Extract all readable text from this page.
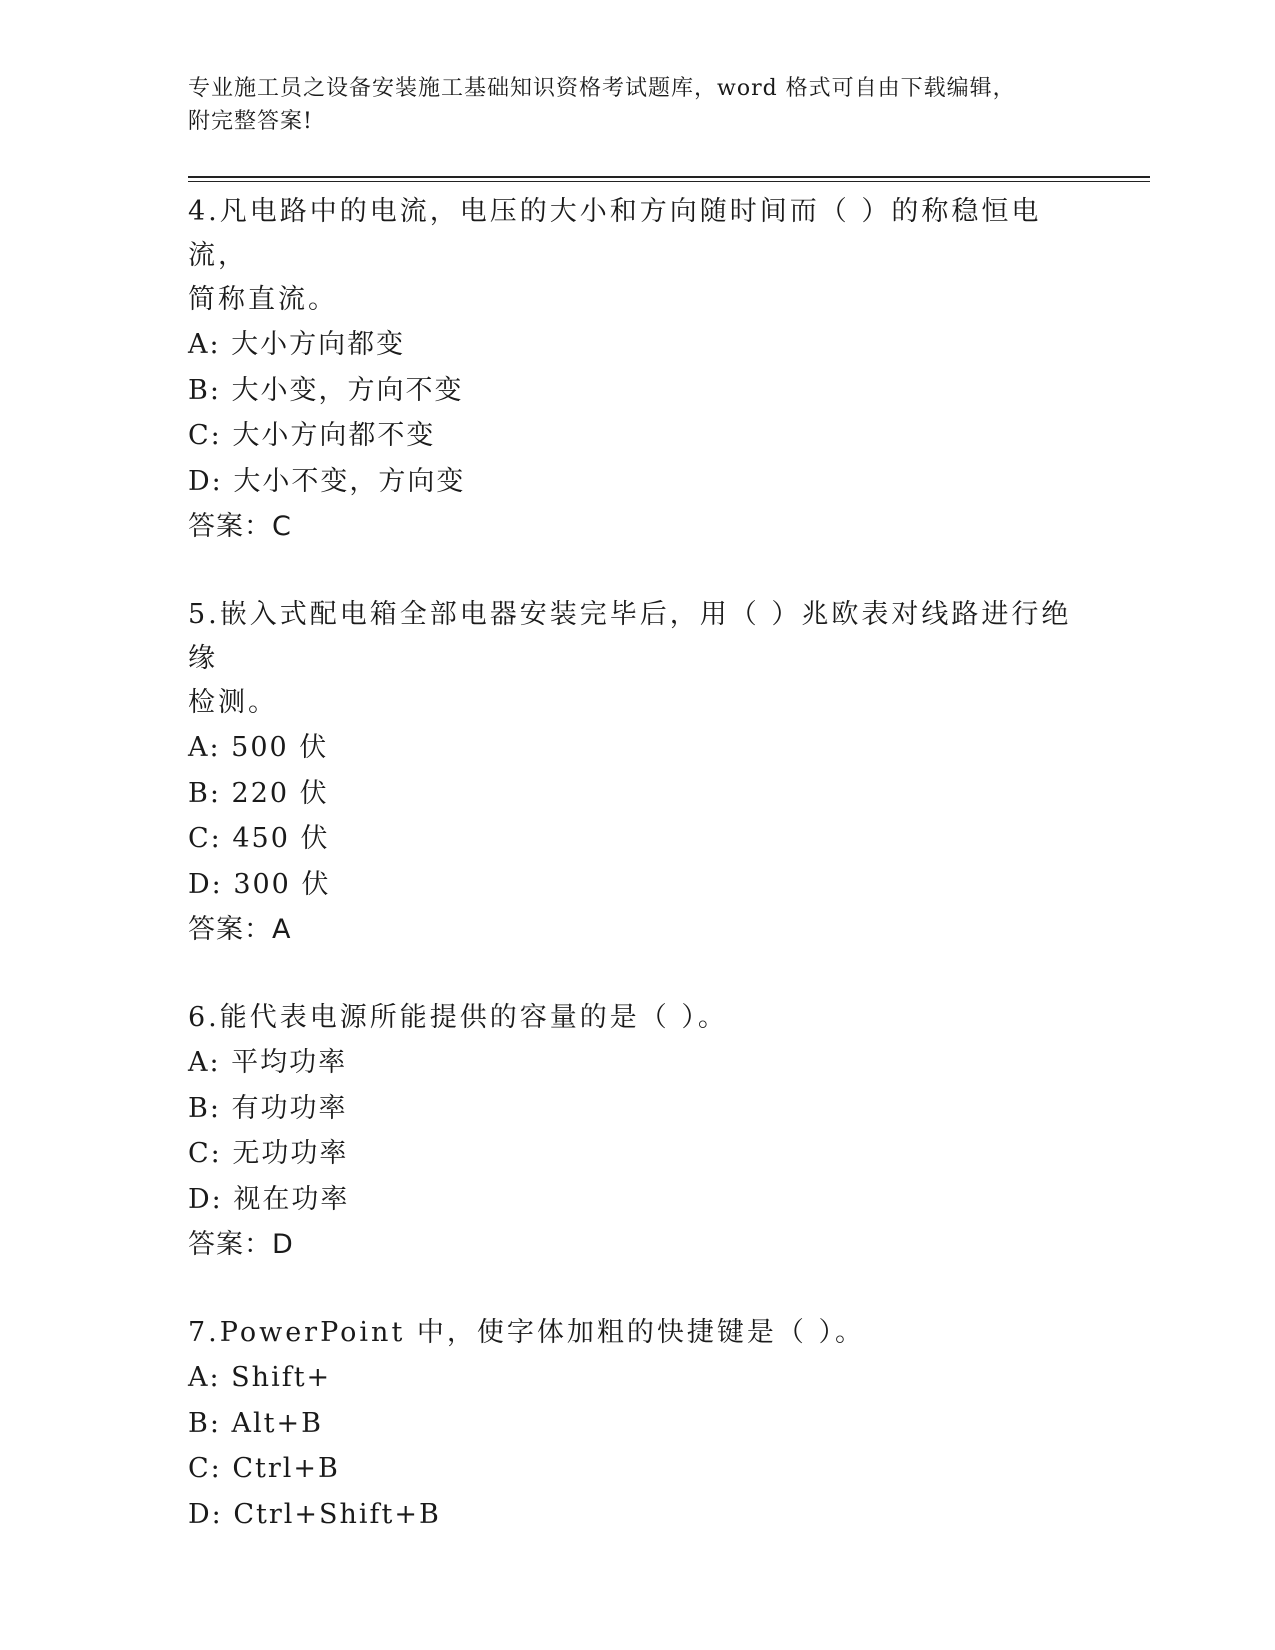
专业施工员之设备安装施工基础知识资格考试题库，word 格式可自由下载编辑，
附完整答案!
4.凡电路中的电流，电压的大小和方向随时间而（ ）的称稳恒电流，
简称直流。
A: 大小方向都变
B: 大小变，方向不变
C: 大小方向都不变
D: 大小不变，方向变
答案：C
5.嵌入式配电箱全部电器安装完毕后，用（ ）兆欧表对线路进行绝缘
检测。
A: 500 伏
B: 220 伏
C: 450 伏
D: 300 伏
答案：A
6.能代表电源所能提供的容量的是（ ）。
A: 平均功率
B: 有功功率
C: 无功功率
D: 视在功率
答案：D
7.PowerPoint 中，使字体加粗的快捷键是（ ）。
A: Shift+
B: Alt+B
C: Ctrl+B
D: Ctrl+Shift+B
